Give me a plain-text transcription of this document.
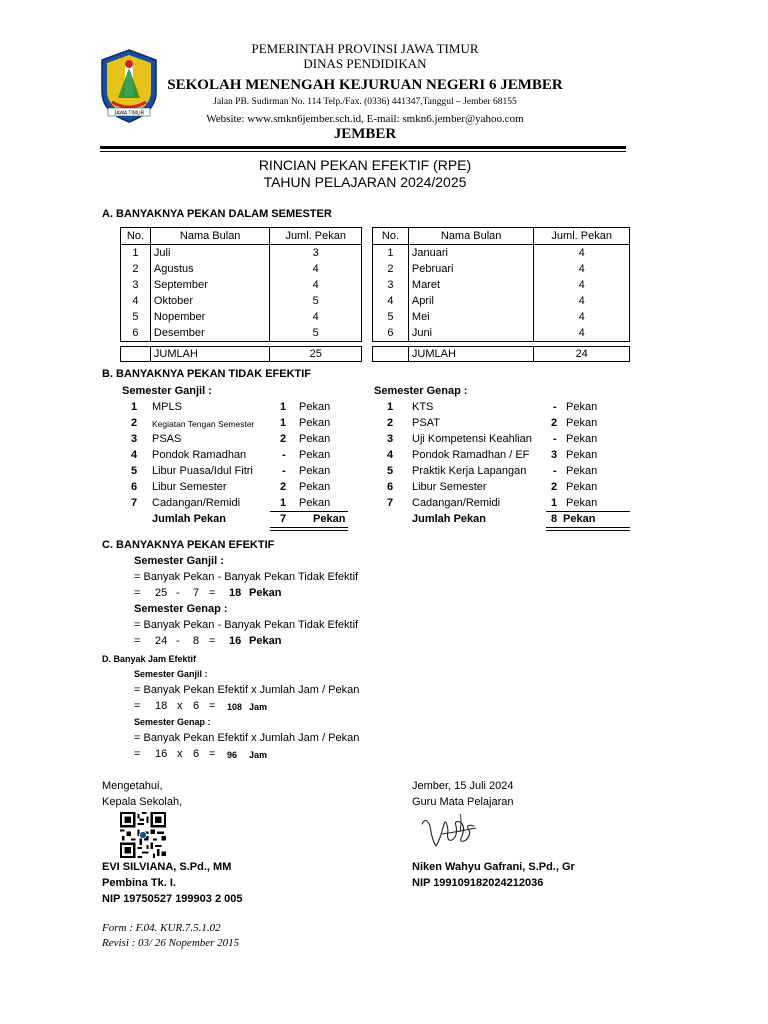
JAWA TIMUR
PEMERINTAH PROVINSI JAWA TIMUR
DINAS PENDIDIKAN
SEKOLAH MENENGAH KEJURUAN NEGERI 6 JEMBER
Jalan PB. Sudirman No. 114 Telp./Fax. (0336) 441347,Tanggul – Jember 68155
Website: www.smkn6jember.sch.id, E-mail: smkn6.jember@yahoo.com
JEMBER
RINCIAN PEKAN EFEKTIF (RPE)
TAHUN PELAJARAN 2024/2025
A. BANYAKNYA PEKAN DALAM SEMESTER
No.	Nama Bulan	Juml. Pekan
1	Juli	3
2	Agustus	4
3	September	4
4	Oktober	5
5	Nopember	4
6	Desember	5

	JUMLAH	25
No.	Nama Bulan	Juml. Pekan
1	Januari	4
2	Pebruari	4
3	Maret	4
4	April	4
5	Mei	4
6	Juni	4

	JUMLAH	24
B. BANYAKNYA PEKAN TIDAK EFEKTIF
Semester Ganjil :	Semester Genap :
1 MPLS	1 Pekan
2 Kegiatan Tengan Semester 1 Pekan
3 PSAS	2 Pekan
4 Pondok Ramadhan	- Pekan
5 Libur Puasa/Idul Fitri	- Pekan
6 Libur Semester	2 Pekan
7 Cadangan/Remidi	1 Pekan
Jumlah Pekan	7 Pekan
1 KTS	- Pekan
2 PSAT	2 Pekan
3 Uji Kompetensi Keahlian - Pekan
4 Pondok Ramadhan / EF 3 Pekan
5 Praktik Kerja Lapangan - Pekan
6 Libur Semester	2 Pekan
7 Cadangan/Remidi	1 Pekan
Jumlah Pekan	8 Pekan
C. BANYAKNYA PEKAN EFEKTIF
Semester Ganjil :
= Banyak Pekan - Banyak Pekan Tidak Efektif
= 25 - 7 = 18 Pekan
Semester Genap :
= Banyak Pekan - Banyak Pekan Tidak Efektif
= 24 - 8 = 16 Pekan
D. Banyak Jam Efektif
Semester Ganjil :
= Banyak Pekan Efektif x Jumlah Jam / Pekan
= 18 x 6 = 108 Jam
Semester Genap :
= Banyak Pekan Efektif x Jumlah Jam / Pekan
= 16 x 6 = 96 Jam
Mengetahui,
Kepala Sekolah,
EVI SILVIANA, S.Pd., MM
Pembina Tk. I.
NIP 19750527 199903 2 005
Jember, 15 Juli 2024
Guru Mata Pelajaran
Niken Wahyu Gafrani, S.Pd., Gr
NIP 199109182024212036
Form : F.04. KUR.7.5.1.02
Revisi : 03/ 26 Nopember 2015
